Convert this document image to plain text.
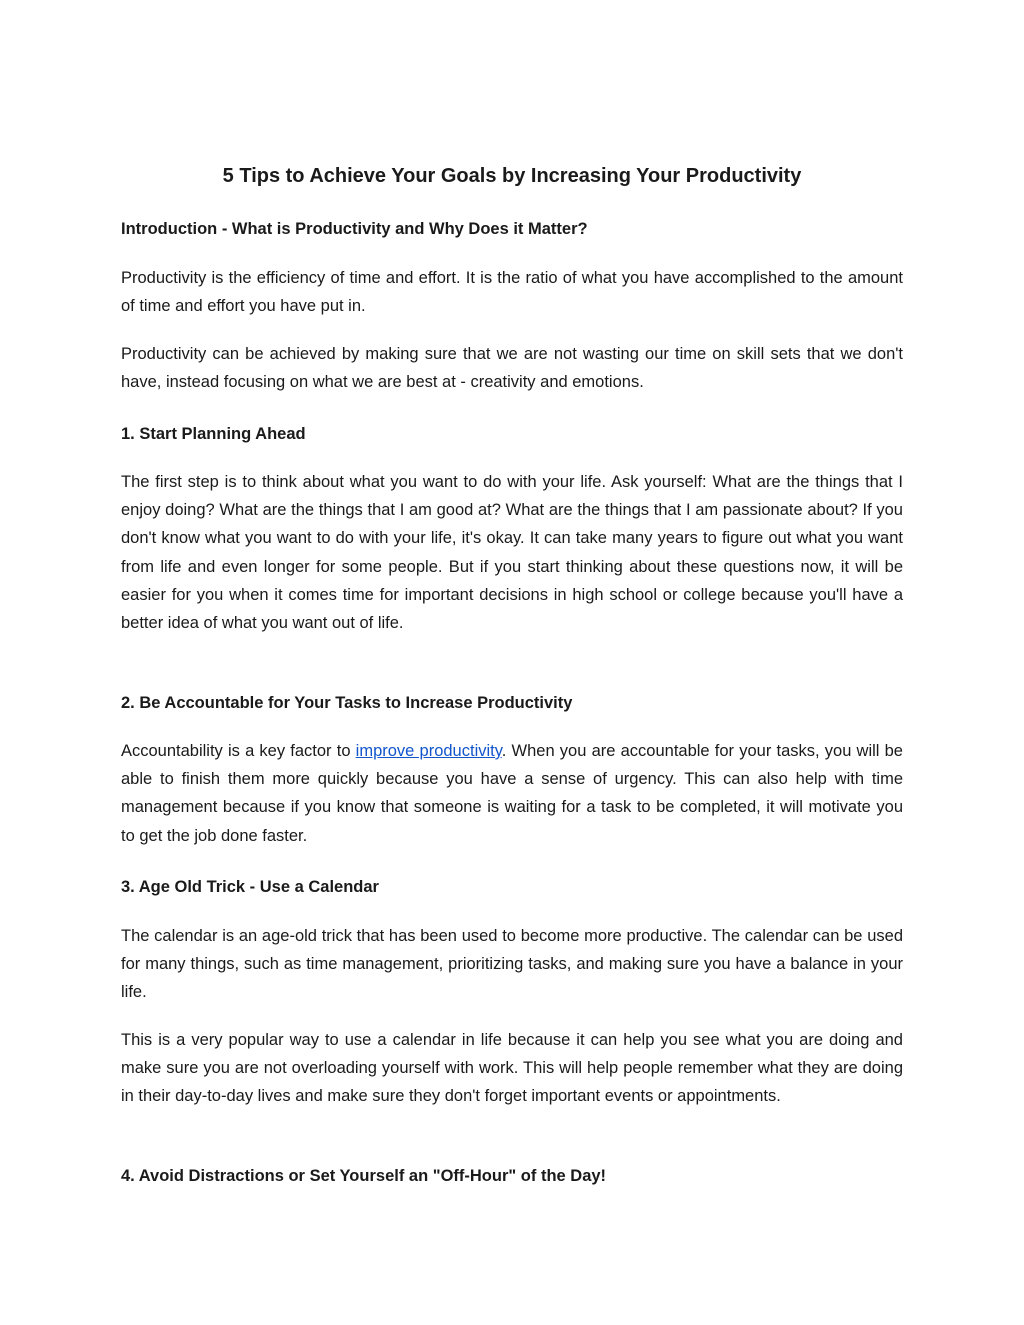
5 Tips to Achieve Your Goals by Increasing Your Productivity
Introduction - What is Productivity and Why Does it Matter?

Productivity is the efficiency of time and effort. It is the ratio of what you have accomplished to the amount of time and effort you have put in.

Productivity can be achieved by making sure that we are not wasting our time on skill sets that we don't have, instead focusing on what we are best at - creativity and emotions.

1. Start Planning Ahead

The first step is to think about what you want to do with your life. Ask yourself: What are the things that I enjoy doing? What are the things that I am good at? What are the things that I am passionate about? If you don't know what you want to do with your life, it's okay. It can take many years to figure out what you want from life and even longer for some people. But if you start thinking about these questions now, it will be easier for you when it comes time for important decisions in high school or college because you'll have a better idea of what you want out of life.

2. Be Accountable for Your Tasks to Increase Productivity

Accountability is a key factor to improve productivity. When you are accountable for your tasks, you will be able to finish them more quickly because you have a sense of urgency. This can also help with time management because if you know that someone is waiting for a task to be completed, it will motivate you to get the job done faster.

3. Age Old Trick - Use a Calendar

The calendar is an age-old trick that has been used to become more productive. The calendar can be used for many things, such as time management, prioritizing tasks, and making sure you have a balance in your life.

This is a very popular way to use a calendar in life because it can help you see what you are doing and make sure you are not overloading yourself with work. This will help people remember what they are doing in their day-to-day lives and make sure they don't forget important events or appointments.

4. Avoid Distractions or Set Yourself an "Off-Hour" of the Day!
